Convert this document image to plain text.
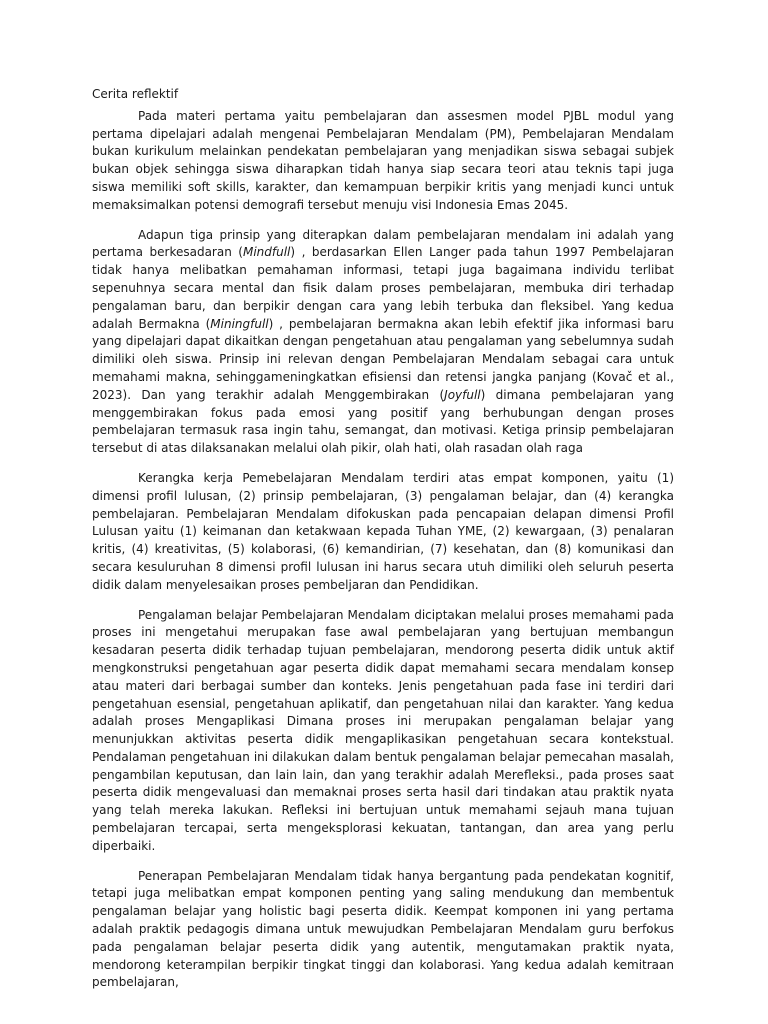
Cerita reflektif

Pada materi pertama yaitu pembelajaran dan assesmen model PJBL modul yang pertama dipelajari adalah mengenai Pembelajaran Mendalam (PM), Pembelajaran Mendalam bukan kurikulum melainkan pendekatan pembelajaran yang menjadikan siswa sebagai subjek bukan objek sehingga siswa diharapkan tidah hanya siap secara teori atau teknis tapi juga siswa memiliki soft skills, karakter, dan kemampuan berpikir kritis yang menjadi kunci untuk memaksimalkan potensi demografi tersebut menuju visi Indonesia Emas 2045.

Adapun tiga prinsip yang diterapkan dalam pembelajaran mendalam ini adalah yang pertama berkesadaran (Mindfull) , berdasarkan Ellen Langer pada tahun 1997 Pembelajaran tidak hanya melibatkan pemahaman informasi, tetapi juga bagaimana individu terlibat sepenuhnya secara mental dan fisik dalam proses pembelajaran, membuka diri terhadap pengalaman baru, dan berpikir dengan cara yang lebih terbuka dan fleksibel. Yang kedua adalah Bermakna (Miningfull) , pembelajaran bermakna akan lebih efektif jika informasi baru yang dipelajari dapat dikaitkan dengan pengetahuan atau pengalaman yang sebelumnya sudah dimiliki oleh siswa. Prinsip ini relevan dengan Pembelajaran Mendalam sebagai cara untuk memahami makna, sehinggameningkatkan efisiensi dan retensi jangka panjang (Kovač et al., 2023). Dan yang terakhir adalah Menggembirakan (Joyfull) dimana pembelajaran yang menggembirakan fokus pada emosi yang positif yang berhubungan dengan proses pembelajaran termasuk rasa ingin tahu, semangat, dan motivasi. Ketiga prinsip pembelajaran tersebut di atas dilaksanakan melalui olah pikir, olah hati, olah rasadan olah raga

Kerangka kerja Pemebelajaran Mendalam terdiri atas empat komponen, yaitu (1) dimensi profil lulusan, (2) prinsip pembelajaran, (3) pengalaman belajar, dan (4) kerangka pembelajaran. Pembelajaran Mendalam difokuskan pada pencapaian delapan dimensi Profil Lulusan yaitu (1) keimanan dan ketakwaan kepada Tuhan YME, (2) kewargaan, (3) penalaran kritis, (4) kreativitas, (5) kolaborasi, (6) kemandirian, (7) kesehatan, dan (8) komunikasi dan secara kesuluruhan 8 dimensi profil lulusan ini harus secara utuh dimiliki oleh seluruh peserta didik dalam menyelesaikan proses pembeljaran dan Pendidikan.

Pengalaman belajar Pembelajaran Mendalam diciptakan melalui proses memahami pada proses ini mengetahui merupakan fase awal pembelajaran yang bertujuan membangun kesadaran peserta didik terhadap tujuan pembelajaran, mendorong peserta didik untuk aktif mengkonstruksi pengetahuan agar peserta didik dapat memahami secara mendalam konsep atau materi dari berbagai sumber dan konteks. Jenis pengetahuan pada fase ini terdiri dari pengetahuan esensial, pengetahuan aplikatif, dan pengetahuan nilai dan karakter. Yang kedua adalah proses Mengaplikasi Dimana proses ini merupakan pengalaman belajar yang menunjukkan aktivitas peserta didik mengaplikasikan pengetahuan secara kontekstual. Pendalaman pengetahuan ini dilakukan dalam bentuk pengalaman belajar pemecahan masalah, pengambilan keputusan, dan lain lain, dan yang terakhir adalah Merefleksi., pada proses saat peserta didik mengevaluasi dan memaknai proses serta hasil dari tindakan atau praktik nyata yang telah mereka lakukan. Refleksi ini bertujuan untuk memahami sejauh mana tujuan pembelajaran tercapai, serta mengeksplorasi kekuatan, tantangan, dan area yang perlu diperbaiki.

Penerapan Pembelajaran Mendalam tidak hanya bergantung pada pendekatan kognitif, tetapi juga melibatkan empat komponen penting yang saling mendukung dan membentuk pengalaman belajar yang holistic bagi peserta didik. Keempat komponen ini yang pertama adalah praktik pedagogis dimana untuk mewujudkan Pembelajaran Mendalam guru berfokus pada pengalaman belajar peserta didik yang autentik, mengutamakan praktik nyata, mendorong keterampilan berpikir tingkat tinggi dan kolaborasi. Yang kedua adalah kemitraan pembelajaran,
